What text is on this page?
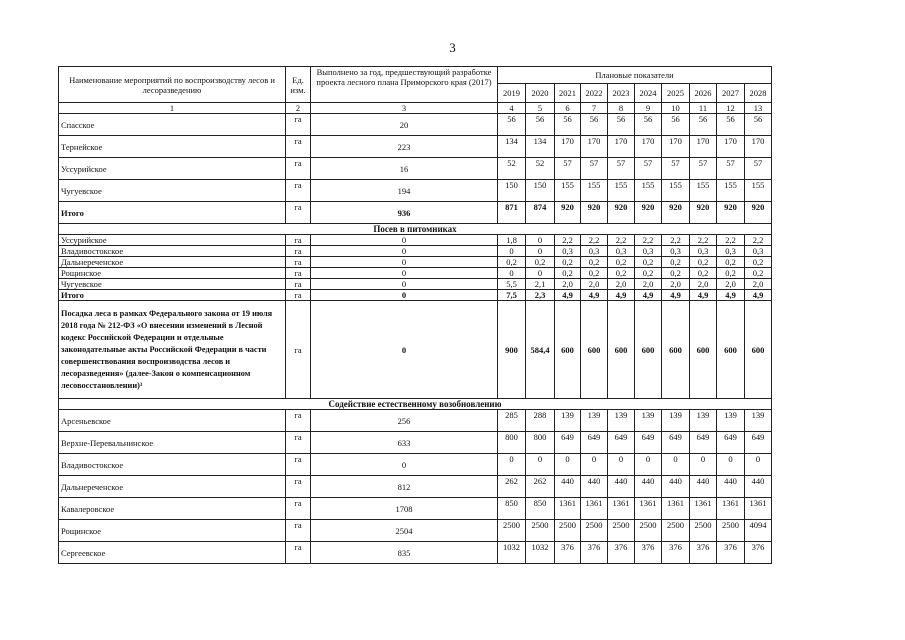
3
Наименование мероприятий по воспроизводству лесов и лесоразведению	Ед. изм.	Выполнено за год, предшествующий разработке проекта лесного плана Приморского края (2017)	Плановые показатели									
			2019	2020	2021	2022	2023	2024	2025	2026	2027	2028
1	2	3	4	5	6	7	8	9	10	11	12	13
Спасское	га	20	56	56	56	56	56	56	56	56	56	56
Тернейское	га	223	134	134	170	170	170	170	170	170	170	170
Уссурийское	га	16	52	52	57	57	57	57	57	57	57	57
Чугуевское	га	194	150	150	155	155	155	155	155	155	155	155
Итого	га	936	871	874	920	920	920	920	920	920	920	920
Посев в питомниках												
Уссурийское	га	0	1,8	0	2,2	2,2	2,2	2,2	2,2	2,2	2,2	2,2
Владивостокское	га	0	0	0	0,3	0,3	0,3	0,3	0,3	0,3	0,3	0,3
Дальнереченское	га	0	0,2	0,2	0,2	0,2	0,2	0,2	0,2	0,2	0,2	0,2
Рощинское	га	0	0	0	0,2	0,2	0,2	0,2	0,2	0,2	0,2	0,2
Чугуевское	га	0	5,5	2,1	2,0	2,0	2,0	2,0	2,0	2,0	2,0	2,0
Итого	га	0	7,5	2,3	4,9	4,9	4,9	4,9	4,9	4,9	4,9	4,9
Посадка леса в рамках Федерального закона от 19 июля 2018 года № 212-ФЗ «О внесении изменений в Лесной кодекс Российской Федерации и отдельные законодательные акты Российской Федерации в части совершенствования воспроизводства лесов и лесоразведения» (далее-Закон о компенсационном лесовосстановлении)³	га	0	900	584,4	600	600	600	600	600	600	600	600
Содействие естественному возобновлению												
Арсеньевское	га	256	285	288	139	139	139	139	139	139	139	139
Верхне-Перевальнинское	га	633	800	800	649	649	649	649	649	649	649	649
Владивостокское	га	0	0	0	0	0	0	0	0	0	0	0
Дальнереченское	га	812	262	262	440	440	440	440	440	440	440	440
Кавалеровское	га	1708	850	850	1361	1361	1361	1361	1361	1361	1361	1361
Рощинское	га	2504	2500	2500	2500	2500	2500	2500	2500	2500	2500	4094
Сергеевское	га	835	1032	1032	376	376	376	376	376	376	376	376
